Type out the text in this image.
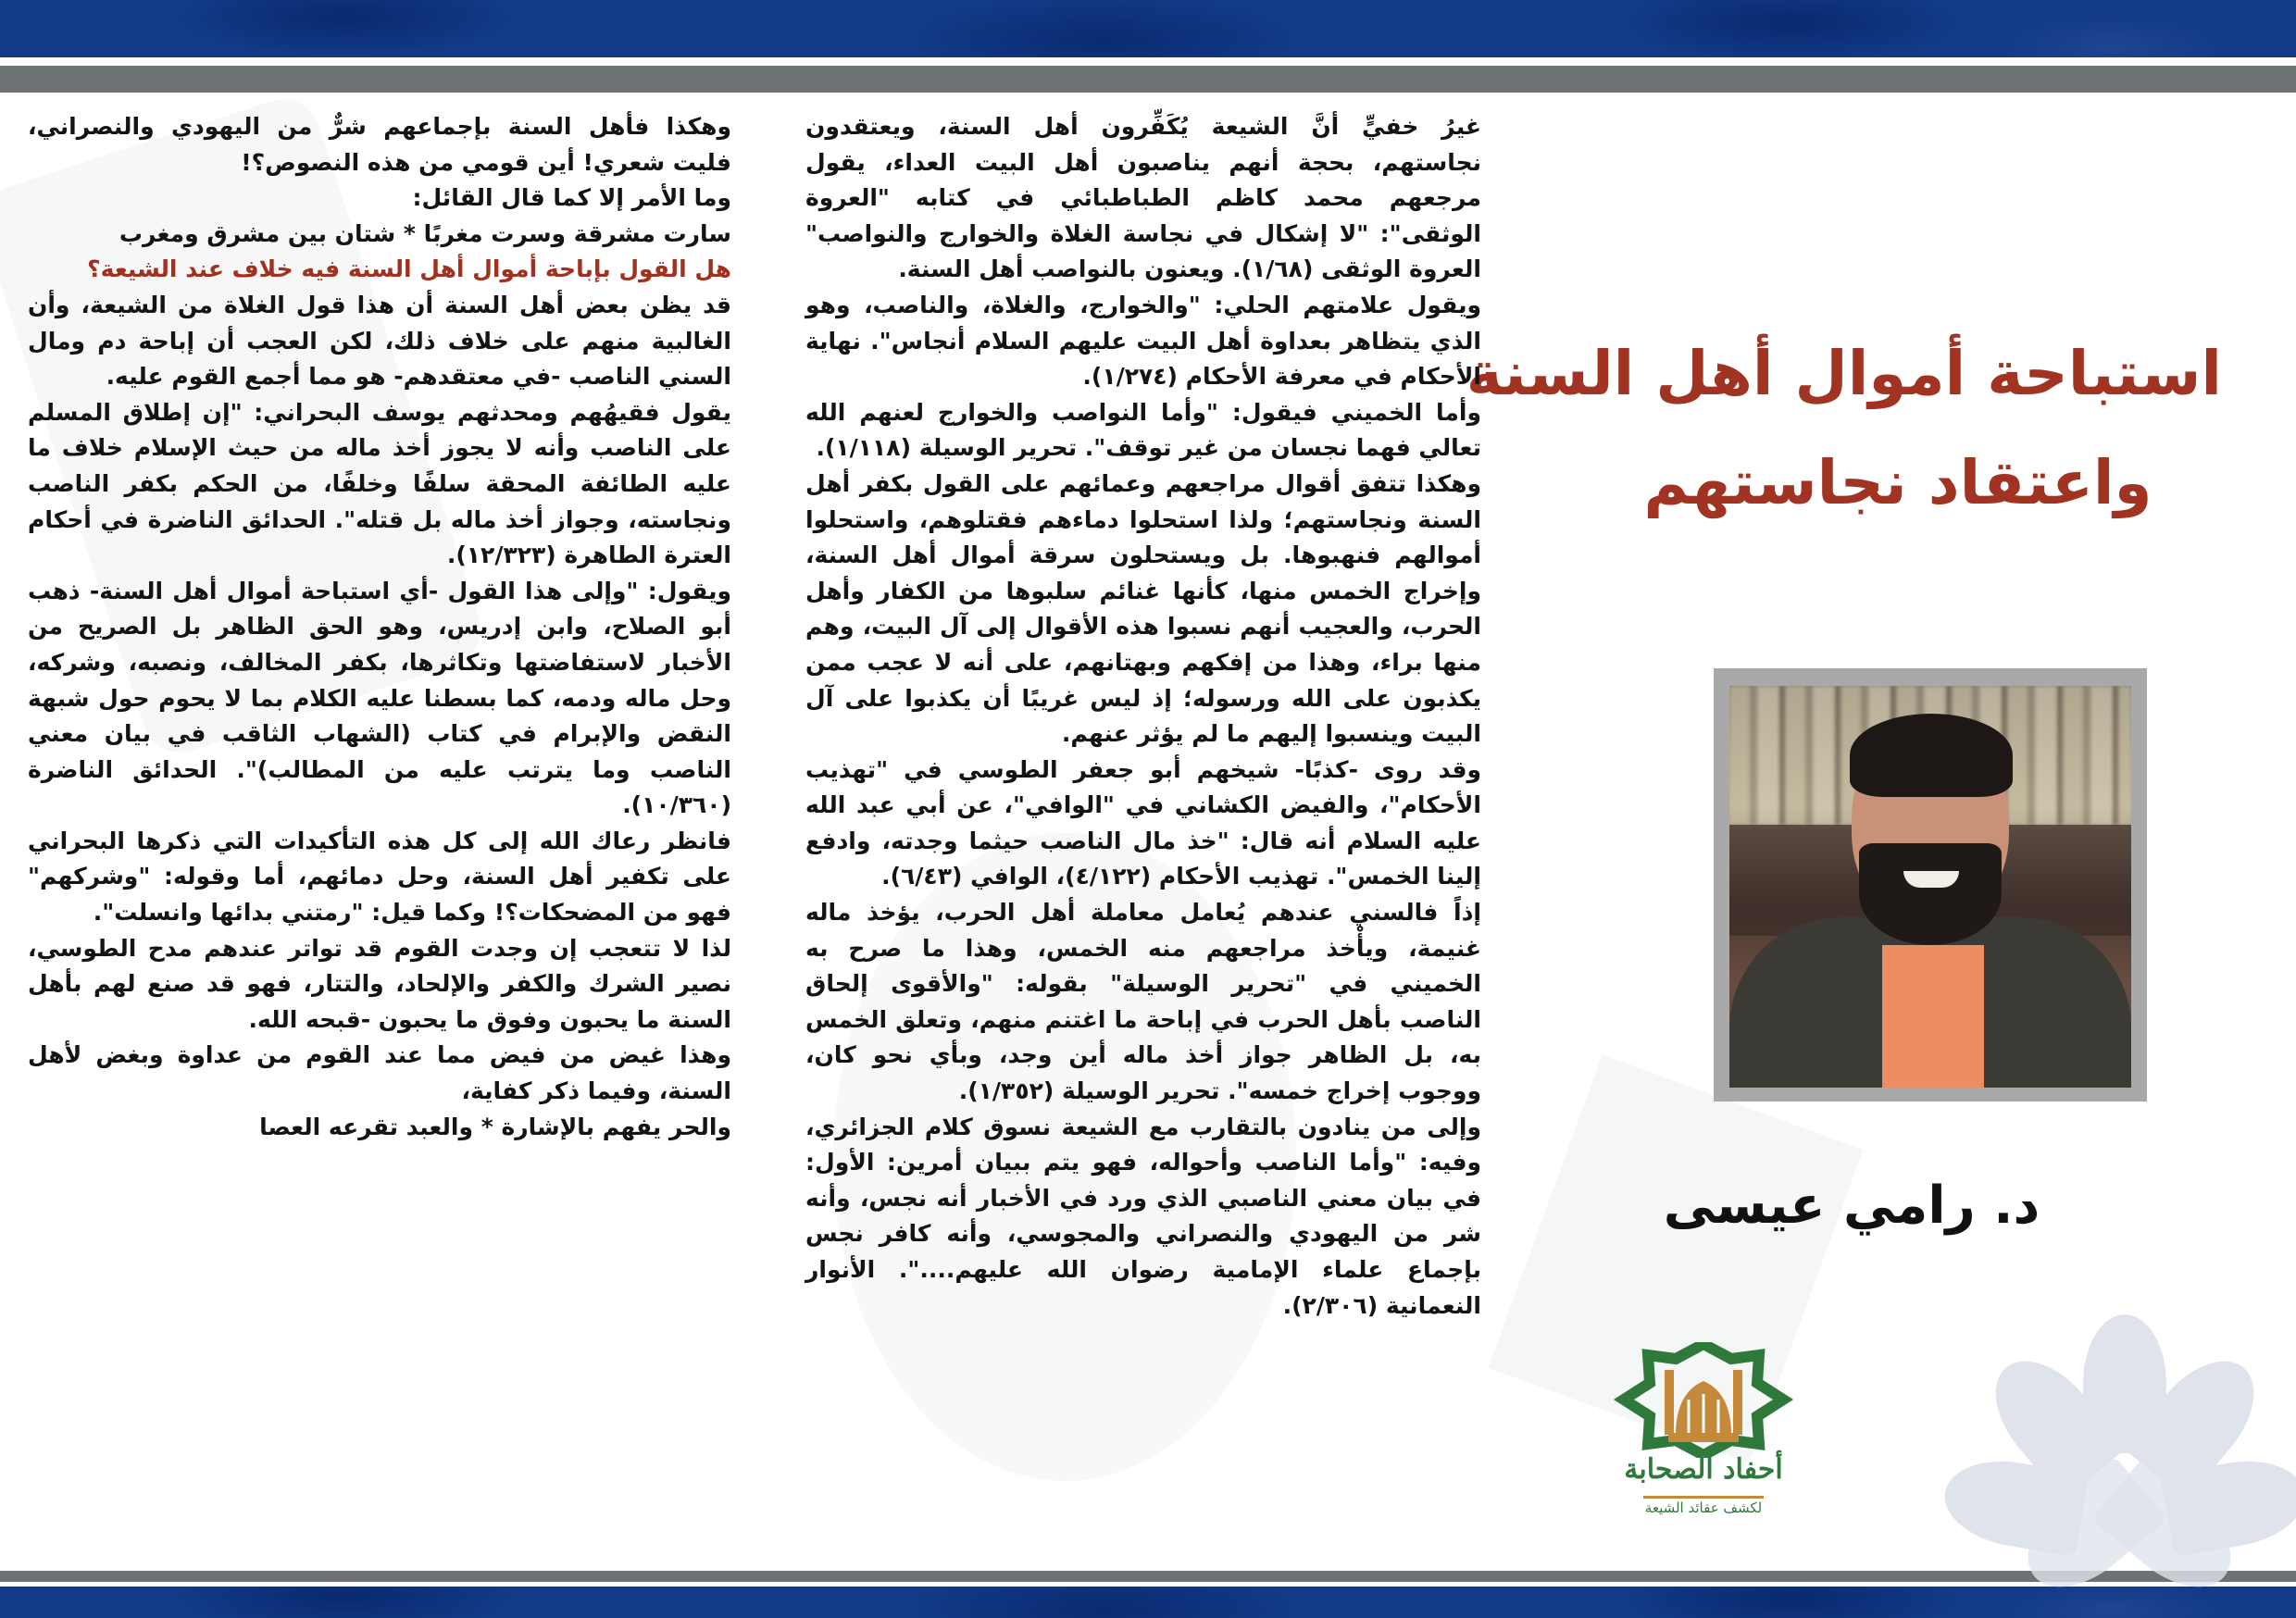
استباحة أموال أهل السنة
واعتقاد نجاستهم
د. رامي عيسى
أحفاد الصحابة
لكشف عقائد الشيعة

غيرُ خفيٍّ أنَّ الشيعة يُكَفِّرون أهل السنة، ويعتقدون نجاستهم، بحجة أنهم يناصبون أهل البيت العداء، يقول مرجعهم محمد كاظم الطباطبائي في كتابه "العروة الوثقى": "لا إشكال في نجاسة الغلاة والخوارج والنواصب" العروة الوثقى (١/٦٨). ويعنون بالنواصب أهل السنة.

ويقول علامتهم الحلي: "والخوارج، والغلاة، والناصب، وهو الذي يتظاهر بعداوة أهل البيت عليهم السلام أنجاس". نهاية الأحكام في معرفة الأحكام (١/٢٧٤).

وأما الخميني فيقول: "وأما النواصب والخوارج لعنهم الله تعالي فهما نجسان من غير توقف". تحرير الوسيلة (١/١١٨).

وهكذا تتفق أقوال مراجعهم وعمائهم على القول بكفر أهل السنة ونجاستهم؛ ولذا استحلوا دماءهم فقتلوهم، واستحلوا أموالهم فنهبوها. بل ويستحلون سرقة أموال أهل السنة، وإخراج الخمس منها، كأنها غنائم سلبوها من الكفار وأهل الحرب، والعجيب أنهم نسبوا هذه الأقوال إلى آل البيت، وهم منها براء، وهذا من إفكهم وبهتانهم، على أنه لا عجب ممن يكذبون على الله ورسوله؛ إذ ليس غريبًا أن يكذبوا على آل البيت وينسبوا إليهم ما لم يؤثر عنهم.

وقد روى -كذبًا- شيخهم أبو جعفر الطوسي في "تهذيب الأحكام"، والفيض الكشاني في "الوافي"، عن أبي عبد الله عليه السلام أنه قال: "خذ مال الناصب حيثما وجدته، وادفع إلينا الخمس". تهذيب الأحكام (٤/١٢٢)، الوافي (٦/٤٣).

إذاً فالسني عندهم يُعامل معاملة أهل الحرب، يؤخذ ماله غنيمة، ويأْخذ مراجعهم منه الخمس، وهذا ما صرح به الخميني في "تحرير الوسيلة" بقوله: "والأقوى إلحاق الناصب بأهل الحرب في إباحة ما اغتنم منهم، وتعلق الخمس به، بل الظاهر جواز أخذ ماله أين وجد، وبأي نحو كان، ووجوب إخراج خمسه". تحرير الوسيلة (١/٣٥٢).

وإلى من ينادون بالتقارب مع الشيعة نسوق كلام الجزائري، وفيه: "وأما الناصب وأحواله، فهو يتم ببيان أمرين: الأول: في بيان معني الناصبي الذي ورد في الأخبار أنه نجس، وأنه شر من اليهودي والنصراني والمجوسي، وأنه كافر نجس بإجماع علماء الإمامية رضوان الله عليهم....". الأنوار النعمانية (٢/٣٠٦).

وهكذا فأهل السنة بإجماعهم شرٌّ من اليهودي والنصراني، فليت شعري! أين قومي من هذه النصوص؟!

وما الأمر إلا كما قال القائل:

سارت مشرقة وسرت مغربًا * شتان بين مشرق ومغرب

هل القول بإباحة أموال أهل السنة فيه خلاف عند الشيعة؟

قد يظن بعض أهل السنة أن هذا قول الغلاة من الشيعة، وأن الغالبية منهم على خلاف ذلك، لكن العجب أن إباحة دم ومال السني الناصب -في معتقدهم- هو مما أجمع القوم عليه.

يقول فقيهُهم ومحدثهم يوسف البحراني: "إن إطلاق المسلم على الناصب وأنه لا يجوز أخذ ماله من حيث الإسلام خلاف ما عليه الطائفة المحقة سلفًا وخلفًا، من الحكم بكفر الناصب ونجاسته، وجواز أخذ ماله بل قتله". الحدائق الناضرة في أحكام العترة الطاهرة (١٢/٣٢٣).

ويقول: "وإلى هذا القول -أي استباحة أموال أهل السنة- ذهب أبو الصلاح، وابن إدريس، وهو الحق الظاهر بل الصريح من الأخبار لاستفاضتها وتكاثرها، بكفر المخالف، ونصبه، وشركه، وحل ماله ودمه، كما بسطنا عليه الكلام بما لا يحوم حول شبهة النقض والإبرام في كتاب (الشهاب الثاقب في بيان معني الناصب وما يترتب عليه من المطالب)". الحدائق الناضرة (١٠/٣٦٠).

فانظر رعاك الله إلى كل هذه التأكيدات التي ذكرها البحراني على تكفير أهل السنة، وحل دمائهم، أما وقوله: "وشركهم" فهو من المضحكات؟! وكما قيل: "رمتني بدائها وانسلت".

لذا لا تتعجب إن وجدت القوم قد تواتر عندهم مدح الطوسي، نصير الشرك والكفر والإلحاد، والتتار، فهو قد صنع لهم بأهل السنة ما يحبون وفوق ما يحبون -قبحه الله.

وهذا غيض من فيض مما عند القوم من عداوة وبغض لأهل السنة، وفيما ذكر كفاية،

والحر يفهم بالإشارة * والعبد تقرعه العصا
